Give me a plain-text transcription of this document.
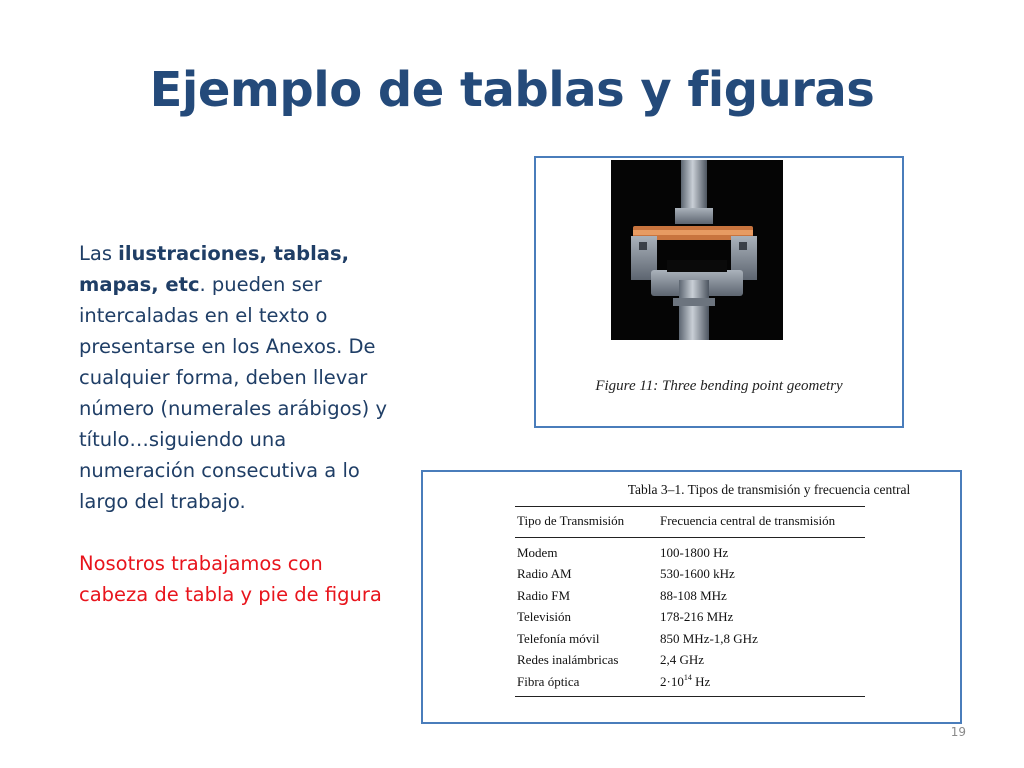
Ejemplo de tablas y figuras

Las ilustraciones, tablas, mapas, etc. pueden ser intercaladas en el texto o presentarse en los Anexos. De cualquier forma, deben llevar número (numerales arábigos) y título…siguiendo una numeración consecutiva a lo largo del trabajo.

Nosotros trabajamos con cabeza de tabla y pie de figura

Figure 11: Three bending point geometry
Tabla 3–1. Tipos de transmisión y frecuencia central
Tipo de Transmisión	Frecuencia central de transmisión
Modem	100-1800 Hz
Radio AM	530-1600 kHz
Radio FM	88-108 MHz
Televisión	178-216 MHz
Telefonía móvil	850 MHz-1,8 GHz
Redes inalámbricas	2,4 GHz
Fibra óptica	$2\cdot 10^{14}$ Hz
19
